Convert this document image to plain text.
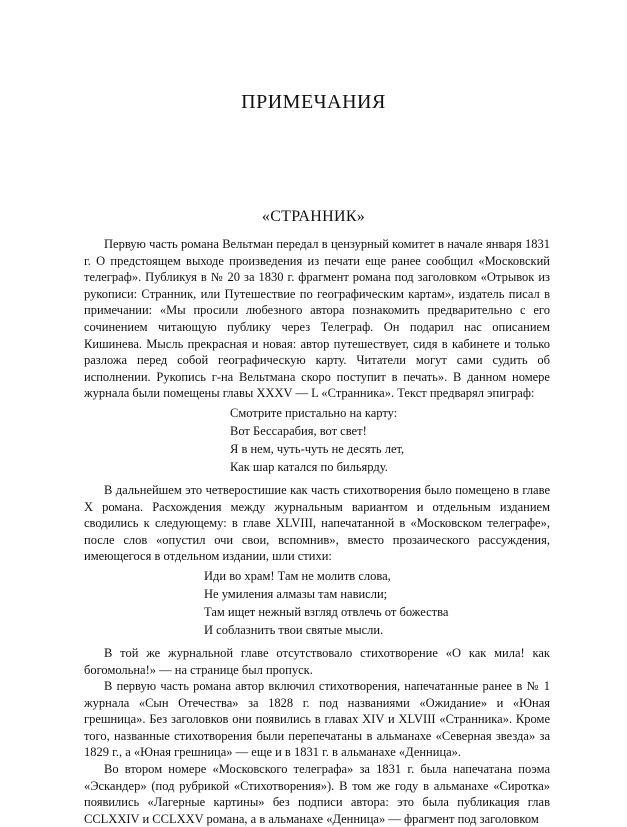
ПРИМЕЧАНИЯ
«СТРАННИК»

Первую часть романа Вельтман передал в цензурный комитет в начале января 1831 г. О предстоящем выходе произведения из печати еще ранее сообщил «Московский телеграф». Публикуя в № 20 за 1830 г. фрагмент романа под заголовком «Отрывок из рукописи: Странник, или Путешествие по географическим картам», издатель писал в примечании: «Мы просили любезного автора познакомить предварительно с его сочинением читающую публику через Телеграф. Он подарил нас описанием Кишинева. Мысль прекрасная и новая: автор путешествует, сидя в кабинете и только разложа перед собой географическую карту. Читатели могут сами судить об исполнении. Рукопись г-на Вельтмана скоро поступит в печать». В данном номере журнала были помещены главы XXXV — L «Странника». Текст предварял эпиграф:

Смотрите пристально на карту:
Вот Бессарабия, вот свет!
Я в нем, чуть-чуть не десять лет,
Как шар катался по бильярду.

В дальнейшем это четверостишие как часть стихотворения было помещено в главе X романа. Расхождения между журнальным вариантом и отдельным изданием сводились к следующему: в главе XLVIII, напечатанной в «Московском телеграфе», после слов «опустил очи свои, вспомнив», вместо прозаического рассуждения, имеющегося в отдельном издании, шли стихи:

Иди во храм! Там не молитв слова,
Не умиления алмазы там нависли;
Там ищет нежный взгляд отвлечь от божества
И соблазнить твои святые мысли.

В той же журнальной главе отсутствовало стихотворение «О как мила! как богомольна!» — на странице был пропуск.

В первую часть романа автор включил стихотворения, напечатанные ранее в № 1 журнала «Сын Отечества» за 1828 г. под названиями «Ожидание» и «Юная грешница». Без заголовков они появились в главах XIV и XLVIII «Странника». Кроме того, названные стихотворения были перепечатаны в альманахе «Северная звезда» за 1829 г., а «Юная грешница» — еще и в 1831 г. в альманахе «Денница».

Во втором номере «Московского телеграфа» за 1831 г. была напечатана поэма «Эскандер» (под рубрикой «Стихотворения»). В том же году в альманахе «Сиротка» появились «Лагерные картины» без подписи автора: это была публикация глав CCLXXIV и CCLXXV романа, а в альманахе «Денница» — фрагмент под заголовком
